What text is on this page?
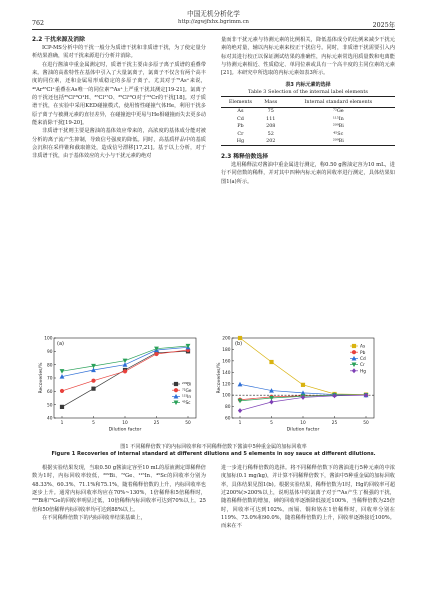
中国无机分析化学
http://zgwjfxhx.bgrimm.cn
762	2025年
2.2 干扰来源及消除

ICP-MS分析中的干扰一般分为质谱干扰和非质谱干扰，为了使定量分析结果准确，需对干扰来源进行分析并消除。

在进行酱油中重金属测定时，质谱干扰主要由多原子离子质谱的重叠带来。酱油的高盐特性在基体中引入了大量氯离子，氯离子不仅含有两个高丰度的同位素，还和金属易形成稳定的多原子离子。尤其对于⁷⁵As⁺来说，⁴⁰Ar³⁵Cl⁺重叠在As唯一的同位素⁷⁵As⁺上严重干扰其测定[19-21]。氯离子的干扰还包括³⁵Cl¹⁶O¹H、³⁵Cl¹⁷O、³⁵Cl¹⁶O对于⁵²Cr的干扰[18]。对于质谱干扰，在实验中采用KED碰撞模式，使用惰性碰撞气体He，利用干扰多原子离子与被测元素的直径差异，在碰撞池中更易与He相碰撞而失去更多动能来消除干扰[19-20]。

非质谱干扰则主要是酱油的基体效应带来的，高浓度的基体成分能对被分析的离子流产生抑制，导致信号强度的降低。同时，高基质样品中的基质会沉积在采样锥和截取锥处，造成信号漂移[17,21]。基于以上分析，对于非质谱干扰，由于基体效应的大小与干扰元素的绝对

量而非干扰元素与待测元素的比例相关，降低基体成分的比例来减少干扰元素的绝对量，辅以内标元素来校正干扰信号。同时，非质谱干扰需要引入内标对其进行校正以保证测试结果的准确性，内标元素常选用质量数和电离能与待测元素相近、性质稳定、单同位素或具有一个高丰度的主同位素的元素[21]。本研究中所选取的内标元素如表3所示。

表3 内标元素的选择
Table 3 Selection of the internal label elements
Elements	Mass	Internal standard elements
As	75	⁷²Ge
Cd	111	¹¹⁵In
Pb	208	²⁰⁹Bi
Cr	52	⁴⁵Sc
Hg	202	²⁰⁹Bi
2.3 稀释倍数选择

选用稀释法对酱油中重金属进行测定，称0.50 g酱油定容为10 mL，进行不同倍数的稀释，并对其中四种内标元素的回收率进行测定，具体结果如图1(a)所示。

40
50
60
70
80
90
100
1	5	10	25	50
Dilution factor
Recoveries/%
(a)
²⁰⁹Bi
⁷²Ge
¹¹⁵In
⁴⁵Sc
60
80
100
120
140
160
180
200
1	5	10	25	50
Dilution factor
Recoveries/%
(b)
As
Pb
Cd
Cr
Hg
图1 不同稀释倍数下的内标回收率和不同稀释倍数下酱油中5种重金属的加标回收率
Figure 1 Recoveries of internal standard at different dilutions and 5 elements in soy sauce at different dilutions.

根据实验结果发现，当取0.50 g酱油定容至10 mL的原液测定即稀释倍数为1时，内标回收率较低，²⁰⁹Bi、⁷²Ge、¹¹⁵In、⁴⁵Sc的回收率分别为48.33%、60.3%、71.1%和75.1%，随着稀释倍数的上升，内标回收率也逐步上升。通常内标回收率均应在70%~130%，1倍稀释和5倍稀释时，²⁰⁹Bi和⁷²Ge的回收率明显过低，10倍稀释内标回收率可达到70%以上，25倍和50倍稀释内标回收率均可达到88%以上。

在不同稀释倍数下的内标回收率结果基础上，

进一步进行稀释倍数的选择。将不同稀释倍数下的酱油进行5种元素的中浓度加标(0.1 mg/kg)，并计算不同稀释倍数下，酱油中5种重金属的加标回收率，具体结果见图1(b)。根据实验结果，稀释倍数为1时，Hg的回收率可超过200%(>200%以上，说明基体中的氯离子对于⁷⁵As产生了极强的干扰，随着稀释倍数的增加，砷的回收率逐渐降低接近100%，当稀释倍数为25倍时，回收率可达到102%。而镉、铜和铬在1倍稀释时，回收率分别在119%、73.0%和90.0%，随着稀释倍数的上升，回收率逐渐接近100%。而来在不
